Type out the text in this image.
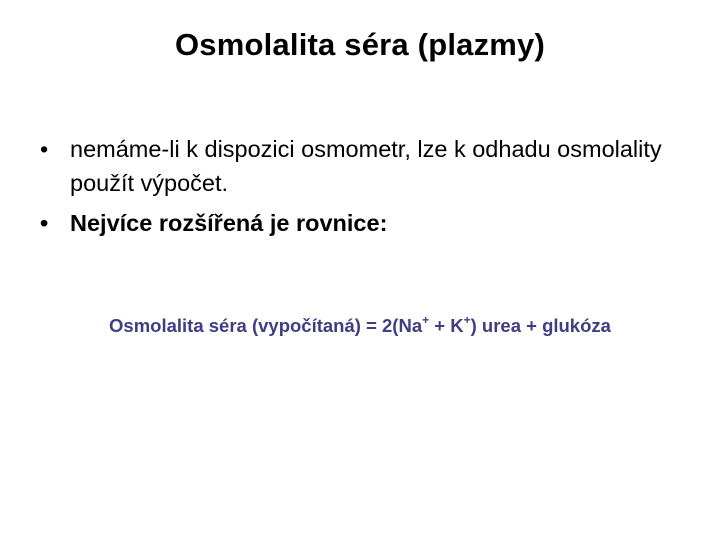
Osmolalita séra (plazmy)
• nemáme-li k dispozici osmometr, lze k odhadu osmolality použít výpočet.
• Nejvíce rozšířená je rovnice:
Osmolalita séra (vypočítaná) = 2(Na+ + K+) urea + glukóza
